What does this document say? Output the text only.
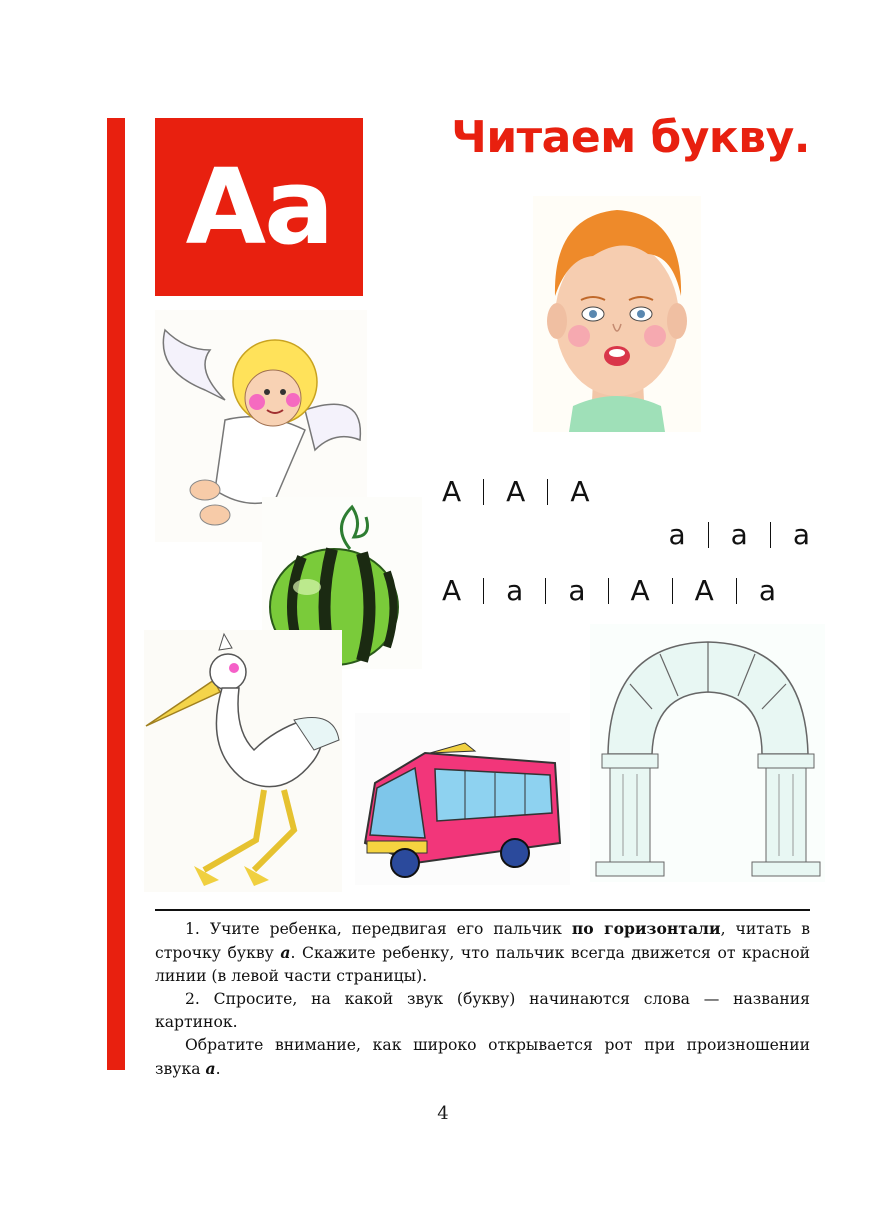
Аа
Читаем букву.
А А А
а а а
А а а А А а

1. Учите ребенка, передвигая его пальчик по горизонтали, читать в строчку букву а. Скажите ребенку, что пальчик всегда движется от красной линии (в левой части страницы).

2. Спросите, на какой звук (букву) начинаются слова — названия картинок.

Обратите внимание, как широко открывается рот при произношении звука а.

4
